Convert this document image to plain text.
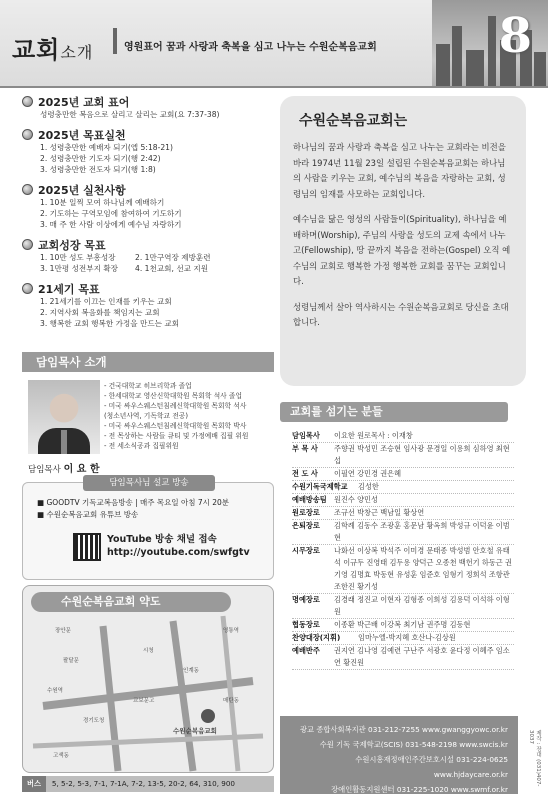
교회소개	영원표어 꿈과 사랑과 축복을 심고 나누는 수원순복음교회	8
2025년 교회 표어
성령충만한 복음으로 살리고 살리는 교회(요 7:37-38)
2025년 목표실천
1. 성령충만한 예배자 되기(엡 5:18-21)
2. 성령충만한 기도자 되기(행 2:42)
3. 성령충만한 전도자 되기(행 1:8)
2025년 실천사항
1. 10분 일찍 모여 하나님께 예배하기
2. 기도하는 구역모임에 참여하여 기도하기
3. 매 주 한 사람 이상에게 예수님 자랑하기
교회성장 목표
1. 10만 성도 부흥성장	2. 1만구역장 제방훈련
3. 1만평 성전부지 확장	4. 1천교회, 선교 지원
21세기 목표
1. 21세기를 이끄는 인재를 키우는 교회
2. 지역사회 복음화를 책임지는 교회
3. 행복한 교회 행복한 가정을 만드는 교회
담임목사 소개
담임목사 이 요 한
- 건국대학교 히브리학과 졸업
- 한세대학교 영산신학대학원 목회학 석사 졸업
- 미국 싸우스웨스턴침례신학대학원 목회학 석사
(청소년사역, 기독학교 전공)
- 미국 싸우스웨스턴침례신학대학원 목회학 박사
- 전 목상하는 사람들 큐티 및 가정예배 집필 위원
- 전 세소식공과 집필위원
담임목사님 설교 방송
■ GOODTV 기독교복음방송 | 매주 목요일 아침 7시 20분
■ 수원순복음교회 유튜브 방송
YouTube 방송 채널 접속
http://youtube.com/swfgtv
수원순복음교회 약도
장안문	영통역
수원역
팔달문
시청
교보문고
수원순복음교회
경기도청
매탄동
고색동
인계동
버스 5, 5-2, 5-3, 7-1, 7-1A, 7-2, 13-5, 20-2, 64, 310, 900
수원순복음교회는

하나님의 꿈과 사랑과 축복을 심고 나누는 교회라는 비전을 바라 1974년 11월 23일 설립된 수원순복음교회는 하나님의 사람을 키우는 교회, 예수님의 복음을 자랑하는 교회, 성령님의 임재를 사모하는 교회입니다.

예수님을 닮은 영성의 사람들이(Spirituality), 하나님을 예배하며(Worship), 주님의 사랑을 성도의 교제 속에서 나누고(Fellowship), 땅 끝까지 복음을 전하는(Gospel) 오직 예수님의 교회로 행복한 가정 행복한 교회를 꿈꾸는 교회입니다.

성령님께서 살아 역사하시는 수원순복음교회로 당신을 초대합니다.

교회를 섬기는 분들
담임목사	이요한 원로목사 : 이재창
부 목 사	주향권 박성민 조승현 임사광 문경일 이용희 심하영 최현섭
전 도 사	이필연 강민경 권은혜
수원기독국제학교	김성한
예배방송팀	원진수 양민성
원로장로	조규선 박창근 백남일 황상연
은퇴장로	김학례 김동수 조광훈 홍문남 황옥희 박성규 이덕윤 이범현
시무장로	나화선 이상복 박석주 이미경 문태종 박성범 안호철 유태석 이규두 진영태 김두용 양덕근 오종천 백헌기 하동근 권기영 김명효 박동현 유성훈 임준호 임형기 정희석 조항관 조한진 황기성
명예장로	김경래 정진교 이현자 김형종 이희성 김용덕 이석하 이형원
협동장로	이종환 박근배 이강복 최기남 권주명 김동현
찬양대장(지휘)	임마누엘-박지혜 호산나-김상원
예배반주	권지연 김나영 김예련 구난주 서광호 윤다정 이혜주 임소연 황진원
광교 종합사회복지관 031-212-7255 www.gwanggyowc.or.kr
수원 기독 국제학교(SCIS) 031-548-2198 www.swcis.kr
수원시흥재정애인주간보호시설 031-224-0625 www.hjdaycare.or.kr
장애인활동지원센터 031-225-1020 www.swmf.or.kr
제작 : 장대 (031)407-3037
